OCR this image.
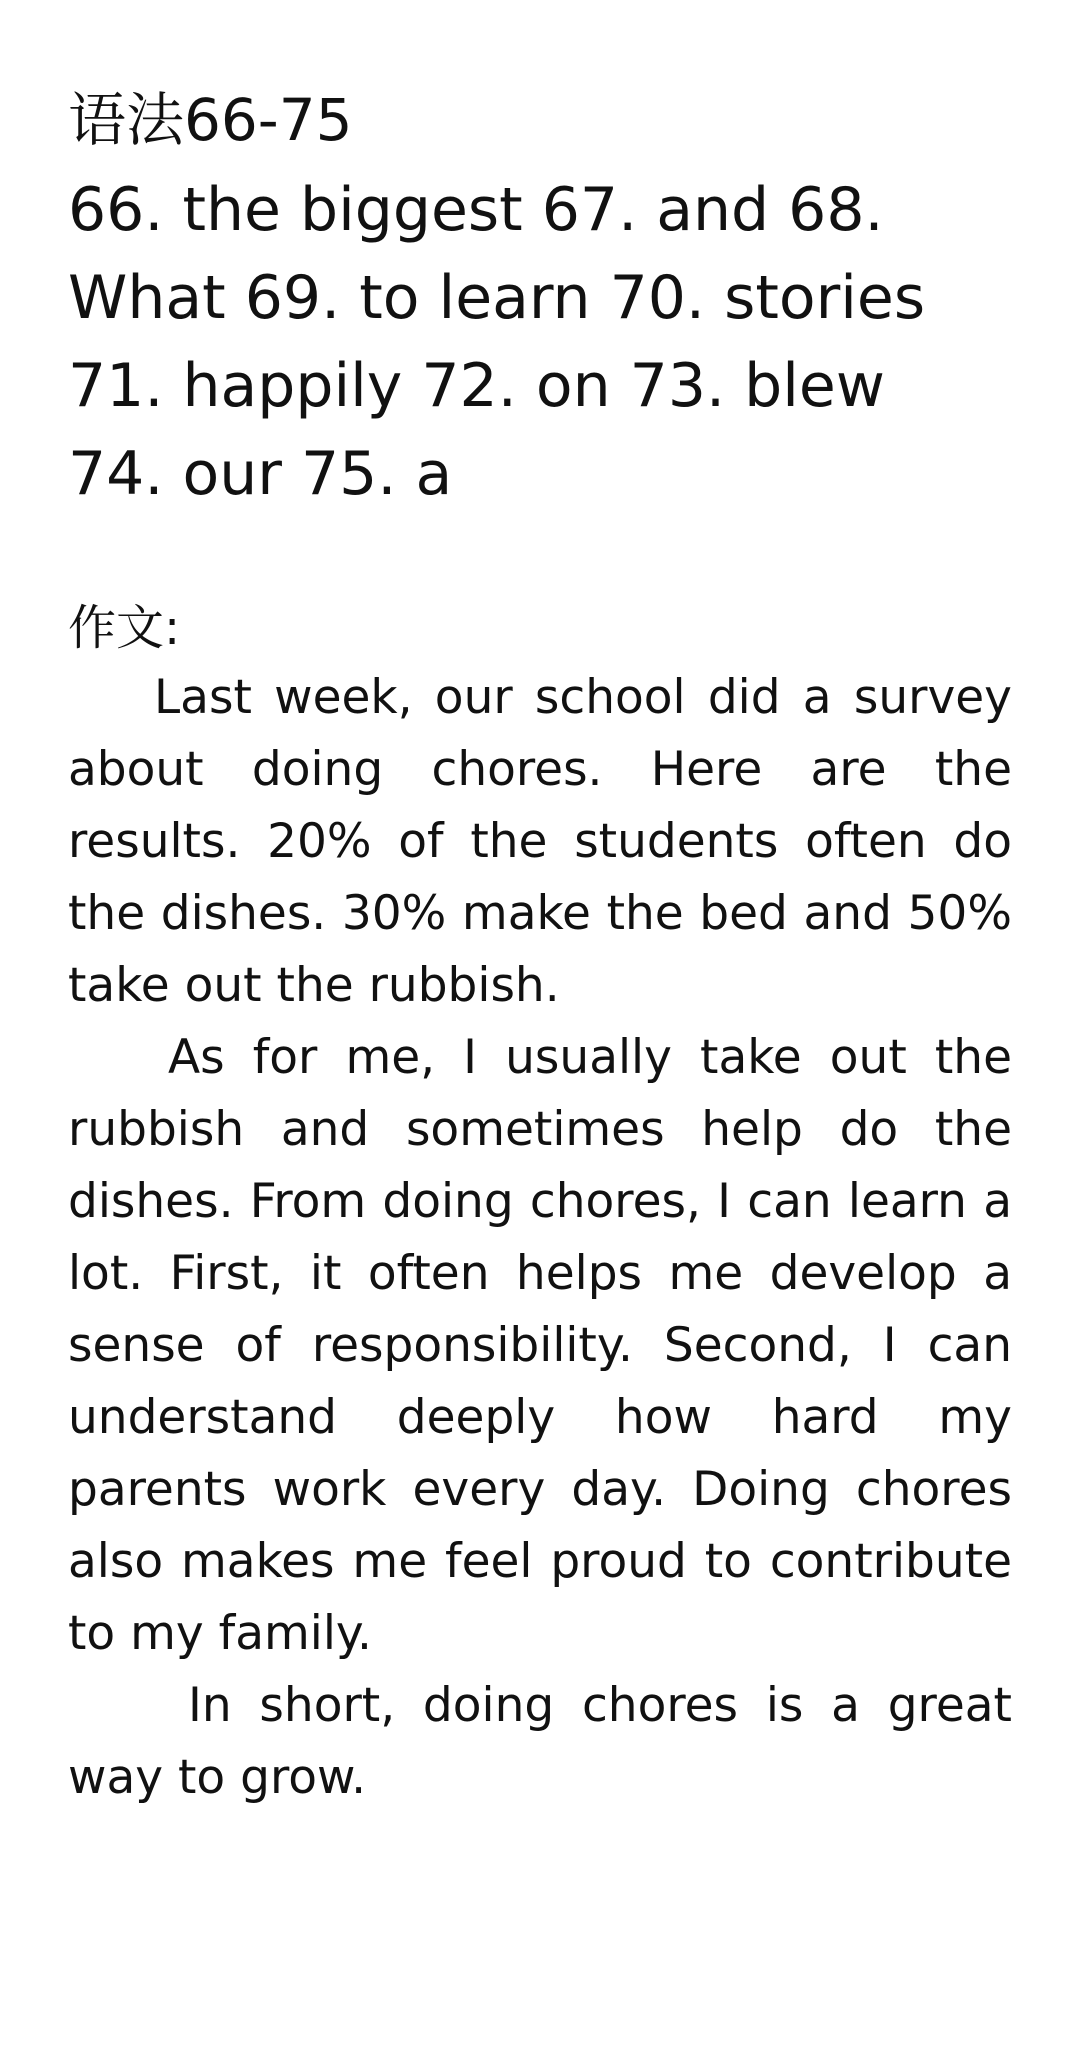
语法66-75
66. the biggest 67. and 68. What 69. to learn 70. stories 71. happily 72. on 73. blew 74. our 75. a
作文:

Last week, our school did a survey about doing chores. Here are the results. 20% of the students often do the dishes. 30% make the bed and 50% take out the rubbish.

As for me, I usually take out the rubbish and sometimes help do the dishes. From doing chores, I can learn a lot. First, it often helps me develop a sense of responsibility. Second, I can understand deeply how hard my parents work every day. Doing chores also makes me feel proud to contribute to my family.

In short, doing chores is a great way to grow.
